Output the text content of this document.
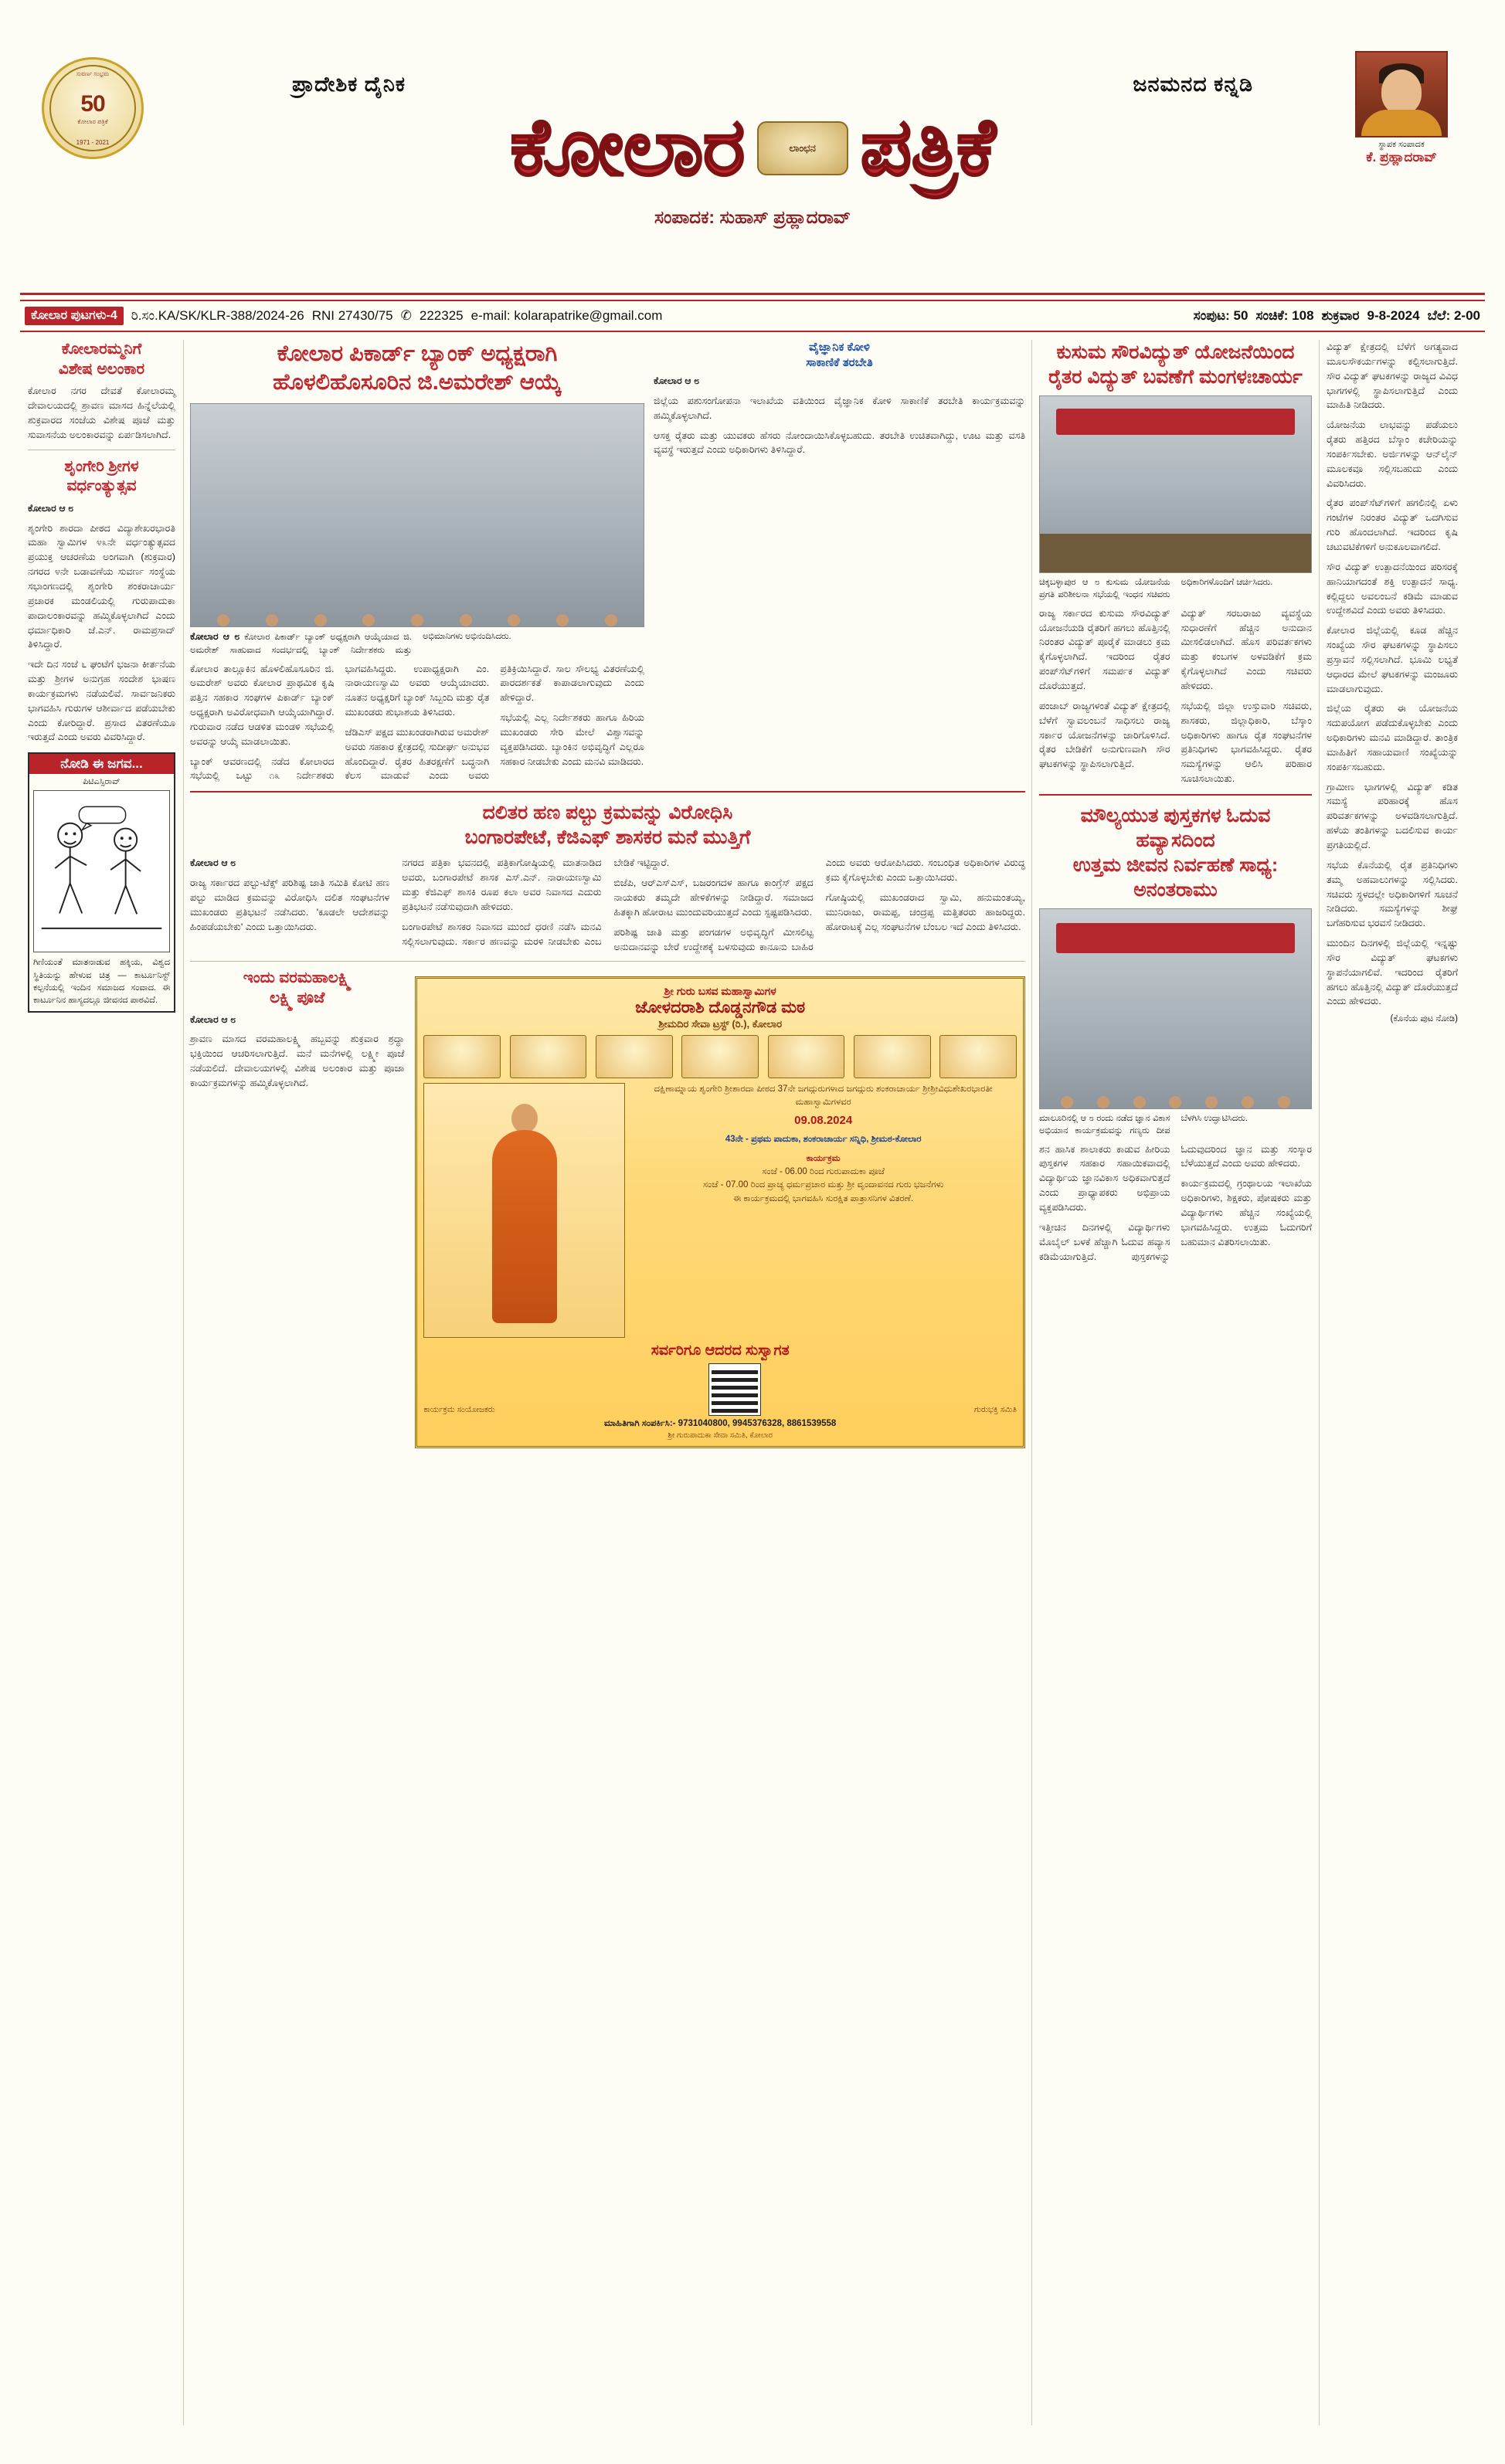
ಸುವರ್ಣ ಸಂಭ್ರಮ
50
ಕೋಲಾರ ಪತ್ರಿಕೆ
1971 - 2021
ಪ್ರಾದೇಶಿಕ ದೈನಿಕ	ಜನಮನದ ಕನ್ನಡಿ
ಕೋಲಾರ	ಲಾಂಛನ ಪತ್ರಿಕೆ
ಸಂಪಾದಕ: ಸುಹಾಸ್ ಪ್ರಹ್ಲಾದರಾವ್
ಸ್ಥಾಪಕ ಸಂಪಾದಕ
ಕೆ. ಪ್ರಹ್ಲಾದರಾವ್
ಕೋಲಾರ ಪುಟಗಳು-4	ರಿ.ಸಂ.KA/SK/KLR-388/2024-26 RNI 27430/75 ✆ 222325 e-mail: kolarapatrike@gmail.com	ಸಂಪುಟ: 50 ಸಂಚಿಕೆ: 108 ಶುಕ್ರವಾರ 9-8-2024 ಬೆಲೆ: 2-00
ಕೋಲಾರಮ್ಮನಿಗೆ
ವಿಶೇಷ ಅಲಂಕಾರ

ಕೋಲಾರ ನಗರ ದೇವತೆ ಕೋಲಾರಮ್ಮ ದೇವಾಲಯದಲ್ಲಿ ಶ್ರಾವಣ ಮಾಸದ ಹಿನ್ನೆಲೆಯಲ್ಲಿ ಶುಕ್ರವಾರದ ಸಂಜೆಯ ವಿಶೇಷ ಪೂಜೆ ಮತ್ತು ಸುವಾಸನೆಯ ಅಲಂಕಾರವನ್ನು ಏರ್ಪಡಿಸಲಾಗಿದೆ.

ಶೃಂಗೇರಿ ಶ್ರೀಗಳ
ವರ್ಧಂತ್ಯುತ್ಸವ

ಕೋಲಾರ ಆ ೮

ಶೃಂಗೇರಿ ಶಾರದಾ ಪೀಠದ ವಿದ್ಯಾಶೇಖರಭಾರತಿ ಮಹಾ ಸ್ವಾಮಿಗಳ ೪೩ನೇ ವರ್ಧಂತ್ಯುತ್ಸವದ ಪ್ರಯುಕ್ತ ಆಚರಣೆಯ ಅಂಗವಾಗಿ (ಶುಕ್ರವಾರ) ನಗರದ ೪ನೇ ಬಡಾವಣೆಯ ಸುವರ್ಣ ಸಂಸ್ಥೆಯ ಸಭಾಂಗಣದಲ್ಲಿ ಶೃಂಗೇರಿ ಶಂಕರಾಚಾರ್ಯ ಪ್ರಚಾರಕ ಮಂಡಲಿಯಲ್ಲಿ ಗುರುಪಾದುಕಾ ಪಾದಾಲಂಕಾರವನ್ನು ಹಮ್ಮಿಕೊಳ್ಳಲಾಗಿದೆ ಎಂದು ಧರ್ಮಾಧಿಕಾರಿ ಜೆ.ಎನ್. ರಾಮಪ್ರಸಾದ್ ತಿಳಿಸಿದ್ದಾರೆ.

ಇದೇ ದಿನ ಸಂಜೆ ೬ ಘಂಟೆಗೆ ಭಜನಾ ಕೀರ್ತನೆಯ ಮತ್ತು ಶ್ರೀಗಳ ಅನುಗ್ರಹ ಸಂದೇಶ ಭಾಷಣ ಕಾರ್ಯಕ್ರಮಗಳು ನಡೆಯಲಿವೆ. ಸಾರ್ವಜನಿಕರು ಭಾಗವಹಿಸಿ ಗುರುಗಳ ಆಶೀರ್ವಾದ ಪಡೆಯಬೇಕು ಎಂದು ಕೋರಿದ್ದಾರೆ. ಪ್ರಸಾದ ವಿತರಣೆಯೂ ಇರುತ್ತದೆ ಎಂದು ಅವರು ವಿವರಿಸಿದ್ದಾರೆ.

ನೋಡಿ ಈ ಜಗವ...
ಪಿಟಿಎಸ್ಸಿರಾವ್
ಗಿಣಿಯಂತೆ ಮಾತನಾಡುವ ಹಕ್ಕಿಯ, ವಿಶ್ವದ ಸ್ಥಿತಿಯನ್ನು ಹೇಳುವ ಚಿತ್ರ — ಕಾರ್ಟೂನಿಸ್ಟ್ ಕಲ್ಪನೆಯಲ್ಲಿ ಇಂದಿನ ಸಮಾಜದ ಸಂವಾದ. ಈ ಕಾರ್ಟೂನಿನ ಹಾಸ್ಯದಲ್ಲೂ ಜೀವನದ ಪಾಠವಿದೆ.
ಕೋಲಾರ ಪಿಕಾರ್ಡ್ ಬ್ಯಾಂಕ್ ಅಧ್ಯಕ್ಷರಾಗಿ
ಹೊಳಲಿಹೊಸೂರಿನ ಜಿ.ಅಮರೇಶ್ ಆಯ್ಕೆ
ಕೋಲಾರ ಆ ೮ ಕೋಲಾರ ಪಿಕಾರ್ಡ್ ಬ್ಯಾಂಕ್ ಅಧ್ಯಕ್ಷರಾಗಿ ಆಯ್ಕೆಯಾದ ಜಿ. ಅಮರೇಶ್ ಸಾಹುವಾದ ಸಂದರ್ಭದಲ್ಲಿ ಬ್ಯಾಂಕ್ ನಿರ್ದೇಶಕರು ಮತ್ತು ಅಭಿಮಾನಿಗಳು ಅಭಿನಂದಿಸಿದರು.

ಕೋಲಾರ ತಾಲ್ಲೂಕಿನ ಹೊಳಲಿಹೊಸೂರಿನ ಜಿ. ಅಮರೇಶ್ ಅವರು ಕೋಲಾರ ಪ್ರಾಥಮಿಕ ಕೃಷಿ ಪತ್ತಿನ ಸಹಕಾರ ಸಂಘಗಳ ಪಿಕಾರ್ಡ್ ಬ್ಯಾಂಕ್ ಅಧ್ಯಕ್ಷರಾಗಿ ಅವಿರೋಧವಾಗಿ ಆಯ್ಕೆಯಾಗಿದ್ದಾರೆ. ಗುರುವಾರ ನಡೆದ ಆಡಳಿತ ಮಂಡಳಿ ಸಭೆಯಲ್ಲಿ ಅವರನ್ನು ಆಯ್ಕೆ ಮಾಡಲಾಯಿತು.

ಬ್ಯಾಂಕ್ ಆವರಣದಲ್ಲಿ ನಡೆದ ಕೋಲಾರದ ಸಭೆಯಲ್ಲಿ ಒಟ್ಟು ೧೩ ನಿರ್ದೇಶಕರು ಭಾಗವಹಿಸಿದ್ದರು. ಉಪಾಧ್ಯಕ್ಷರಾಗಿ ಎಂ. ನಾರಾಯಣಸ್ವಾಮಿ ಅವರು ಆಯ್ಕೆಯಾದರು. ನೂತನ ಅಧ್ಯಕ್ಷರಿಗೆ ಬ್ಯಾಂಕ್ ಸಿಬ್ಬಂದಿ ಮತ್ತು ರೈತ ಮುಖಂಡರು ಶುಭಾಶಯ ತಿಳಿಸಿದರು.

ಜೆಡಿಎಸ್ ಪಕ್ಷದ ಮುಖಂಡರಾಗಿರುವ ಅಮರೇಶ್ ಅವರು ಸಹಕಾರ ಕ್ಷೇತ್ರದಲ್ಲಿ ಸುದೀರ್ಘ ಅನುಭವ ಹೊಂದಿದ್ದಾರೆ. ರೈತರ ಹಿತರಕ್ಷಣೆಗೆ ಬದ್ಧನಾಗಿ ಕೆಲಸ ಮಾಡುವೆ ಎಂದು ಅವರು ಪ್ರತಿಕ್ರಿಯಿಸಿದ್ದಾರೆ. ಸಾಲ ಸೌಲಭ್ಯ ವಿತರಣೆಯಲ್ಲಿ ಪಾರದರ್ಶಕತೆ ಕಾಪಾಡಲಾಗುವುದು ಎಂದು ಹೇಳಿದ್ದಾರೆ.

ಸಭೆಯಲ್ಲಿ ಎಲ್ಲ ನಿರ್ದೇಶಕರು ಹಾಗೂ ಹಿರಿಯ ಮುಖಂಡರು ಸೇರಿ ಮೇಲೆ ವಿಶ್ವಾಸವನ್ನು ವ್ಯಕ್ತಪಡಿಸಿದರು. ಬ್ಯಾಂಕಿನ ಅಭಿವೃದ್ಧಿಗೆ ಎಲ್ಲರೂ ಸಹಕಾರ ನೀಡಬೇಕು ಎಂದು ಮನವಿ ಮಾಡಿದರು.

ವೈಜ್ಞಾನಿಕ ಕೋಳಿ
ಸಾಕಾಣಿಕೆ ತರಬೇತಿ

ಕೋಲಾರ ಆ ೮

ಜಿಲ್ಲೆಯ ಪಶುಸಂಗೋಪನಾ ಇಲಾಖೆಯ ವತಿಯಿಂದ ವೈಜ್ಞಾನಿಕ ಕೋಳಿ ಸಾಕಾಣಿಕೆ ತರಬೇತಿ ಕಾರ್ಯಕ್ರಮವನ್ನು ಹಮ್ಮಿಕೊಳ್ಳಲಾಗಿದೆ.

ಆಸಕ್ತ ರೈತರು ಮತ್ತು ಯುವಕರು ಹೆಸರು ನೋಂದಾಯಿಸಿಕೊಳ್ಳಬಹುದು. ತರಬೇತಿ ಉಚಿತವಾಗಿದ್ದು, ಊಟ ಮತ್ತು ವಸತಿ ವ್ಯವಸ್ಥೆ ಇರುತ್ತದೆ ಎಂದು ಅಧಿಕಾರಿಗಳು ತಿಳಿಸಿದ್ದಾರೆ.

ದಲಿತರ ಹಣ ಪಲ್ಟು ಕ್ರಮವನ್ನು ವಿರೋಧಿಸಿ
ಬಂಗಾರಪೇಟೆ, ಕೆಜಿಎಫ್ ಶಾಸಕರ ಮನೆ ಮುತ್ತಿಗೆ

ಕೋಲಾರ ಆ ೮

ರಾಜ್ಯ ಸರ್ಕಾರದ ಪಲ್ಟು-ಟೆಕ್ಸ್ ಪರಿಶಿಷ್ಟ ಜಾತಿ ಸಮಿತಿ ಕೋಟಿ ಹಣ ಪಲ್ಟು ಮಾಡಿದ ಕ್ರಮವನ್ನು ವಿರೋಧಿಸಿ ದಲಿತ ಸಂಘಟನೆಗಳ ಮುಖಂಡರು ಪ್ರತಿಭಟನೆ ನಡೆಸಿದರು. 'ಕೂಡಲೇ ಆದೇಶವನ್ನು ಹಿಂಪಡೆಯಬೇಕು' ಎಂದು ಒತ್ತಾಯಿಸಿದರು.

ನಗರದ ಪತ್ರಿಕಾ ಭವನದಲ್ಲಿ ಪತ್ರಿಕಾಗೋಷ್ಠಿಯಲ್ಲಿ ಮಾತನಾಡಿದ ಅವರು, ಬಂಗಾರಪೇಟೆ ಶಾಸಕ ಎಸ್.ಎನ್. ನಾರಾಯಣಸ್ವಾಮಿ ಮತ್ತು ಕೆಜಿಎಫ್ ಶಾಸಕಿ ರೂಪ ಕಲಾ ಅವರ ನಿವಾಸದ ಎದುರು ಪ್ರತಿಭಟನೆ ನಡೆಸುವುದಾಗಿ ಹೇಳಿದರು.

ಬಂಗಾರಪೇಟೆ ಶಾಸಕರ ನಿವಾಸದ ಮುಂದೆ ಧರಣಿ ನಡೆಸಿ ಮನವಿ ಸಲ್ಲಿಸಲಾಗುವುದು. ಸರ್ಕಾರ ಹಣವನ್ನು ಮರಳಿ ನೀಡಬೇಕು ಎಂಬ ಬೇಡಿಕೆ ಇಟ್ಟಿದ್ದಾರೆ.

ಬಿಜೆಪಿ, ಆರ್‌ಎಸ್‌ಎಸ್, ಬಜರಂಗದಳ ಹಾಗೂ ಕಾಂಗ್ರೆಸ್ ಪಕ್ಷದ ನಾಯಕರು ತಮ್ಮದೇ ಹೇಳಿಕೆಗಳನ್ನು ನೀಡಿದ್ದಾರೆ. ಸಮಾಜದ ಹಿತಕ್ಕಾಗಿ ಹೋರಾಟ ಮುಂದುವರಿಯುತ್ತದೆ ಎಂದು ಸ್ಪಷ್ಟಪಡಿಸಿದರು.

ಪರಿಶಿಷ್ಟ ಜಾತಿ ಮತ್ತು ಪಂಗಡಗಳ ಅಭಿವೃದ್ಧಿಗೆ ಮೀಸಲಿಟ್ಟ ಅನುದಾನವನ್ನು ಬೇರೆ ಉದ್ದೇಶಕ್ಕೆ ಬಳಸುವುದು ಕಾನೂನು ಬಾಹಿರ ಎಂದು ಅವರು ಆರೋಪಿಸಿದರು. ಸಂಬಂಧಿತ ಅಧಿಕಾರಿಗಳ ವಿರುದ್ಧ ಕ್ರಮ ಕೈಗೊಳ್ಳಬೇಕು ಎಂದು ಒತ್ತಾಯಿಸಿದರು.

ಗೋಷ್ಠಿಯಲ್ಲಿ ಮುಖಂಡರಾದ ಸ್ವಾಮಿ, ಹನುಮಂತಯ್ಯ, ಮುನಿರಾಜು, ರಾಮಪ್ಪ, ಚಂದ್ರಪ್ಪ ಮತ್ತಿತರರು ಹಾಜರಿದ್ದರು. ಹೋರಾಟಕ್ಕೆ ಎಲ್ಲ ಸಂಘಟನೆಗಳ ಬೆಂಬಲ ಇದೆ ಎಂದು ತಿಳಿಸಿದರು.

ಇಂದು ವರಮಹಾಲಕ್ಷ್ಮಿ
ಲಕ್ಷ್ಮಿ ಪೂಜೆ

ಕೋಲಾರ ಆ ೮

ಶ್ರಾವಣ ಮಾಸದ ವರಮಹಾಲಕ್ಷ್ಮಿ ಹಬ್ಬವನ್ನು ಶುಕ್ರವಾರ ಶ್ರದ್ಧಾ ಭಕ್ತಿಯಿಂದ ಆಚರಿಸಲಾಗುತ್ತಿದೆ. ಮನೆ ಮನೆಗಳಲ್ಲಿ ಲಕ್ಷ್ಮೀ ಪೂಜೆ ನಡೆಯಲಿದೆ. ದೇವಾಲಯಗಳಲ್ಲಿ ವಿಶೇಷ ಅಲಂಕಾರ ಮತ್ತು ಪೂಜಾ ಕಾರ್ಯಕ್ರಮಗಳನ್ನು ಹಮ್ಮಿಕೊಳ್ಳಲಾಗಿದೆ.

ಶ್ರೀ ಗುರು ಬಸವ ಮಹಾಸ್ವಾಮಿಗಳ
ಜೋಳದರಾಶಿ ದೊಡ್ಡನಗೌಡ ಮಠ
ಶ್ರೀಮದಿರ ಸೇವಾ ಟ್ರಸ್ಟ್ (ರಿ.), ಕೋಲಾರ
ದಕ್ಷಿಣಾಮ್ನಾಯ ಶೃಂಗೇರಿ ಶ್ರೀಶಾರದಾ ಪೀಠದ 37ನೇ ಜಗದ್ಗುರುಗಳಾದ ಜಗದ್ಗುರು ಶಂಕರಾಚಾರ್ಯ ಶ್ರೀಶ್ರೀವಿಧುಶೇಖರಭಾರತೀ ಮಹಾಸ್ವಾಮಿಗಳವರ
09.08.2024
43ನೇ - ಪ್ರಥಮ ಪಾದುಕಾ, ಶಂಕರಾಚಾರ್ಯ ಸನ್ನಿಧಿ, ಶ್ರೀಮಠ-ಕೋಲಾರ
ಕಾರ್ಯಕ್ರಮ
ಸಂಜೆ - 06.00 ರಿಂದ ಗುರುಪಾದುಕಾ ಪೂಜೆ
ಸಂಜೆ - 07.00 ರಿಂದ ಪ್ರಾಚ್ಯ ಧರ್ಮಪ್ರಚಾರ ಮತ್ತು ಶ್ರೀ ವೃಂದಾವನದ ಗುರು ಭಜನೆಗಳು
ಈ ಕಾರ್ಯಕ್ರಮದಲ್ಲಿ ಭಾಗವಹಿಸಿ ಸುರಕ್ಷಿತ ಪಾತ್ರಾಸನಿಗಳ ವಿತರಣೆ.
ಸರ್ವರಿಗೂ ಆದರದ ಸುಸ್ವಾಗತ
ಕಾರ್ಯಕ್ರಮ ಸಂಯೋಜಕರು	ಗುರುಭಕ್ತಿ ಸಮಿತಿ
ಮಾಹಿತಿಗಾಗಿ ಸಂಪರ್ಕಿಸಿ:- 9731040800, 9945376328, 8861539558
ಶ್ರೀ ಗುರುಪಾದುಕಾ ಸೇವಾ ಸಮಿತಿ, ಕೋಲಾರ
ಕುಸುಮ ಸೌರವಿದ್ಯುತ್ ಯೋಜನೆಯಿಂದ
ರೈತರ ವಿದ್ಯುತ್ ಬವಣೆಗೆ ಮಂಗಳಃಚಾರ್ಯ
ಚಿಕ್ಕಬಳ್ಳಾಪುರ ಆ ೮ ಕುಸುಮ ಯೋಜನೆಯ ಪ್ರಗತಿ ಪರಿಶೀಲನಾ ಸಭೆಯಲ್ಲಿ ಇಂಧನ ಸಚಿವರು ಅಧಿಕಾರಿಗಳೊಂದಿಗೆ ಚರ್ಚಿಸಿದರು.

ರಾಜ್ಯ ಸರ್ಕಾರದ ಕುಸುಮ ಸೌರವಿದ್ಯುತ್ ಯೋಜನೆಯಡಿ ರೈತರಿಗೆ ಹಗಲು ಹೊತ್ತಿನಲ್ಲಿ ನಿರಂತರ ವಿದ್ಯುತ್ ಪೂರೈಕೆ ಮಾಡಲು ಕ್ರಮ ಕೈಗೊಳ್ಳಲಾಗಿದೆ. ಇದರಿಂದ ರೈತರ ಪಂಪ್‌ಸೆಟ್‌ಗಳಿಗೆ ಸಮರ್ಪಕ ವಿದ್ಯುತ್ ದೊರೆಯುತ್ತದೆ.

ಪಂಜಾಬ್ ರಾಜ್ಯಗಳಂತೆ ವಿದ್ಯುತ್ ಕ್ಷೇತ್ರದಲ್ಲಿ ಬೆಳೆಗೆ ಸ್ವಾವಲಂಬನೆ ಸಾಧಿಸಲು ರಾಜ್ಯ ಸರ್ಕಾರ ಯೋಜನೆಗಳನ್ನು ಜಾರಿಗೊಳಿಸಿದೆ. ರೈತರ ಬೇಡಿಕೆಗೆ ಅನುಗುಣವಾಗಿ ಸೌರ ಘಟಕಗಳನ್ನು ಸ್ಥಾಪಿಸಲಾಗುತ್ತಿದೆ.

ವಿದ್ಯುತ್ ಸರಬರಾಜು ವ್ಯವಸ್ಥೆಯ ಸುಧಾರಣೆಗೆ ಹೆಚ್ಚಿನ ಅನುದಾನ ಮೀಸಲಿಡಲಾಗಿದೆ. ಹೊಸ ಪರಿವರ್ತಕಗಳು ಮತ್ತು ಕಂಬಗಳ ಅಳವಡಿಕೆಗೆ ಕ್ರಮ ಕೈಗೊಳ್ಳಲಾಗಿದೆ ಎಂದು ಸಚಿವರು ಹೇಳಿದರು.

ಸಭೆಯಲ್ಲಿ ಜಿಲ್ಲಾ ಉಸ್ತುವಾರಿ ಸಚಿವರು, ಶಾಸಕರು, ಜಿಲ್ಲಾಧಿಕಾರಿ, ಬೆಸ್ಕಾಂ ಅಧಿಕಾರಿಗಳು ಹಾಗೂ ರೈತ ಸಂಘಟನೆಗಳ ಪ್ರತಿನಿಧಿಗಳು ಭಾಗವಹಿಸಿದ್ದರು. ರೈತರ ಸಮಸ್ಯೆಗಳನ್ನು ಆಲಿಸಿ ಪರಿಹಾರ ಸೂಚಿಸಲಾಯಿತು.

ಮೌಲ್ಯಯುತ ಪುಸ್ತಕಗಳ ಓದುವ ಹವ್ಯಾಸದಿಂದ
ಉತ್ತಮ ಜೀವನ ನಿರ್ವಹಣೆ ಸಾಧ್ಯ: ಅನಂತರಾಮು
ಮಾಲೂರಿನಲ್ಲಿ ಆ ೮ ರಂದು ನಡೆದ ಜ್ಞಾನ ವಿಕಾಸ ಅಭಿಯಾನ ಕಾರ್ಯಕ್ರಮವನ್ನು ಗಣ್ಯರು ದೀಪ ಬೆಳಗಿಸಿ ಉದ್ಘಾಟಿಸಿದರು.

ಶನ ಹಾಸಿಕ ಶಾಲಾಕರು ಕಾಡುವ ಹೀರಿಯ ಪುಸ್ತಕಗಳ ಸಹಕಾರ ಸಹಾಯಿಕವಾದಲ್ಲಿ ವಿದ್ಯಾರ್ಥಿಯ ಜ್ಞಾನವಿಕಾಸ ಅಧಿಕವಾಗುತ್ತದೆ ಎಂದು ಪ್ರಾಧ್ಯಾಪಕರು ಅಭಿಪ್ರಾಯ ವ್ಯಕ್ತಪಡಿಸಿದರು.

ಇತ್ತೀಚಿನ ದಿನಗಳಲ್ಲಿ ವಿದ್ಯಾರ್ಥಿಗಳು ಮೊಬೈಲ್ ಬಳಕೆ ಹೆಚ್ಚಾಗಿ ಓದುವ ಹವ್ಯಾಸ ಕಡಿಮೆಯಾಗುತ್ತಿದೆ. ಪುಸ್ತಕಗಳನ್ನು ಓದುವುದರಿಂದ ಜ್ಞಾನ ಮತ್ತು ಸಂಸ್ಕಾರ ಬೆಳೆಯುತ್ತದೆ ಎಂದು ಅವರು ಹೇಳಿದರು.

ಕಾರ್ಯಕ್ರಮದಲ್ಲಿ ಗ್ರಂಥಾಲಯ ಇಲಾಖೆಯ ಅಧಿಕಾರಿಗಳು, ಶಿಕ್ಷಕರು, ಪೋಷಕರು ಮತ್ತು ವಿದ್ಯಾರ್ಥಿಗಳು ಹೆಚ್ಚಿನ ಸಂಖ್ಯೆಯಲ್ಲಿ ಭಾಗವಹಿಸಿದ್ದರು. ಉತ್ತಮ ಓದುಗರಿಗೆ ಬಹುಮಾನ ವಿತರಿಸಲಾಯಿತು.

ವಿದ್ಯುತ್ ಕ್ಷೇತ್ರದಲ್ಲಿ ಬೆಳೆಗೆ ಅಗತ್ಯವಾದ ಮೂಲಸೌಕರ್ಯಗಳನ್ನು ಕಲ್ಪಿಸಲಾಗುತ್ತಿದೆ. ಸೌರ ವಿದ್ಯುತ್ ಘಟಕಗಳನ್ನು ರಾಜ್ಯದ ವಿವಿಧ ಭಾಗಗಳಲ್ಲಿ ಸ್ಥಾಪಿಸಲಾಗುತ್ತಿದೆ ಎಂದು ಮಾಹಿತಿ ನೀಡಿದರು.

ಯೋಜನೆಯ ಲಾಭವನ್ನು ಪಡೆಯಲು ರೈತರು ಹತ್ತಿರದ ಬೆಸ್ಕಾಂ ಕಚೇರಿಯನ್ನು ಸಂಪರ್ಕಿಸಬೇಕು. ಅರ್ಜಿಗಳನ್ನು ಆನ್‌ಲೈನ್ ಮೂಲಕವೂ ಸಲ್ಲಿಸಬಹುದು ಎಂದು ವಿವರಿಸಿದರು.

ರೈತರ ಪಂಪ್‌ಸೆಟ್‌ಗಳಿಗೆ ಹಗಲಿನಲ್ಲಿ ಏಳು ಗಂಟೆಗಳ ನಿರಂತರ ವಿದ್ಯುತ್ ಒದಗಿಸುವ ಗುರಿ ಹೊಂದಲಾಗಿದೆ. ಇದರಿಂದ ಕೃಷಿ ಚಟುವಟಿಕೆಗಳಿಗೆ ಅನುಕೂಲವಾಗಲಿದೆ.

ಸೌರ ವಿದ್ಯುತ್ ಉತ್ಪಾದನೆಯಿಂದ ಪರಿಸರಕ್ಕೆ ಹಾನಿಯಾಗದಂತೆ ಶಕ್ತಿ ಉತ್ಪಾದನೆ ಸಾಧ್ಯ. ಕಲ್ಲಿದ್ದಲು ಅವಲಂಬನೆ ಕಡಿಮೆ ಮಾಡುವ ಉದ್ದೇಶವಿದೆ ಎಂದು ಅವರು ತಿಳಿಸಿದರು.

ಕೋಲಾರ ಜಿಲ್ಲೆಯಲ್ಲಿ ಕೂಡ ಹೆಚ್ಚಿನ ಸಂಖ್ಯೆಯ ಸೌರ ಘಟಕಗಳನ್ನು ಸ್ಥಾಪಿಸಲು ಪ್ರಸ್ತಾವನೆ ಸಲ್ಲಿಸಲಾಗಿದೆ. ಭೂಮಿ ಲಭ್ಯತೆ ಆಧಾರದ ಮೇಲೆ ಘಟಕಗಳನ್ನು ಮಂಜೂರು ಮಾಡಲಾಗುವುದು.

ಜಿಲ್ಲೆಯ ರೈತರು ಈ ಯೋಜನೆಯ ಸದುಪಯೋಗ ಪಡೆದುಕೊಳ್ಳಬೇಕು ಎಂದು ಅಧಿಕಾರಿಗಳು ಮನವಿ ಮಾಡಿದ್ದಾರೆ. ತಾಂತ್ರಿಕ ಮಾಹಿತಿಗೆ ಸಹಾಯವಾಣಿ ಸಂಖ್ಯೆಯನ್ನು ಸಂಪರ್ಕಿಸಬಹುದು.

ಗ್ರಾಮೀಣ ಭಾಗಗಳಲ್ಲಿ ವಿದ್ಯುತ್ ಕಡಿತ ಸಮಸ್ಯೆ ಪರಿಹಾರಕ್ಕೆ ಹೊಸ ಪರಿವರ್ತಕಗಳನ್ನು ಅಳವಡಿಸಲಾಗುತ್ತಿದೆ. ಹಳೆಯ ತಂತಿಗಳನ್ನು ಬದಲಿಸುವ ಕಾರ್ಯ ಪ್ರಗತಿಯಲ್ಲಿದೆ.

ಸಭೆಯ ಕೊನೆಯಲ್ಲಿ ರೈತ ಪ್ರತಿನಿಧಿಗಳು ತಮ್ಮ ಅಹವಾಲುಗಳನ್ನು ಸಲ್ಲಿಸಿದರು. ಸಚಿವರು ಸ್ಥಳದಲ್ಲೇ ಅಧಿಕಾರಿಗಳಿಗೆ ಸೂಚನೆ ನೀಡಿದರು. ಸಮಸ್ಯೆಗಳನ್ನು ಶೀಘ್ರ ಬಗೆಹರಿಸುವ ಭರವಸೆ ನೀಡಿದರು.

ಮುಂದಿನ ದಿನಗಳಲ್ಲಿ ಜಿಲ್ಲೆಯಲ್ಲಿ ಇನ್ನಷ್ಟು ಸೌರ ವಿದ್ಯುತ್ ಘಟಕಗಳು ಸ್ಥಾಪನೆಯಾಗಲಿವೆ. ಇದರಿಂದ ರೈತರಿಗೆ ಹಗಲು ಹೊತ್ತಿನಲ್ಲಿ ವಿದ್ಯುತ್ ದೊರೆಯುತ್ತದೆ ಎಂದು ಹೇಳಿದರು.

(ಕೊನೆಯ ಪುಟ ನೋಡಿ)
